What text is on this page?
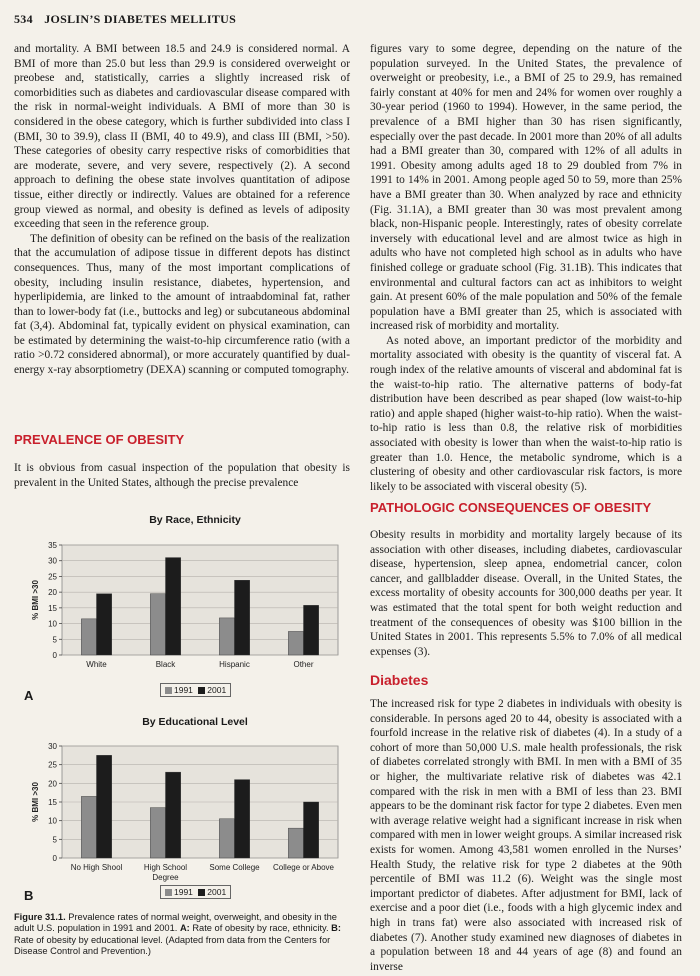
534 JOSLIN’S DIABETES MELLITUS

and mortality. A BMI between 18.5 and 24.9 is considered normal. A BMI of more than 25.0 but less than 29.9 is considered overweight or preobese and, statistically, carries a slightly increased risk of comorbidities such as diabetes and cardiovascular disease compared with the risk in normal-weight individuals. A BMI of more than 30 is considered in the obese category, which is further subdivided into class I (BMI, 30 to 39.9), class II (BMI, 40 to 49.9), and class III (BMI, >50). These categories of obesity carry respective risks of comorbidities that are moderate, severe, and very severe, respectively (2). A second approach to defining the obese state involves quantitation of adipose tissue, either directly or indirectly. Values are obtained for a reference group viewed as normal, and obesity is defined as levels of adiposity exceeding that seen in the reference group.

The definition of obesity can be refined on the basis of the realization that the accumulation of adipose tissue in different depots has distinct consequences. Thus, many of the most important complications of obesity, including insulin resistance, diabetes, hypertension, and hyperlipidemia, are linked to the amount of intraabdominal fat, rather than to lower-body fat (i.e., buttocks and leg) or subcutaneous abdominal fat (3,4). Abdominal fat, typically evident on physical examination, can be estimated by determining the waist-to-hip circumference ratio (with a ratio >0.72 considered abnormal), or more accurately quantified by dual-energy x-ray absorptiometry (DEXA) scanning or computed tomography.

PREVALENCE OF OBESITY

It is obvious from casual inspection of the population that obesity is prevalent in the United States, although the precise prevalence

By Race, Ethnicity
0
5
10
15
20
25
30
35
% BMI >30
White	Black	Hispanic	Other
1991 2001
A
By Educational Level
0
5
10
15
20
25
30
% BMI >30
No High Shool	High School
Degree
Some College College or Above
1991 2001
B
Figure 31.1. Prevalence rates of normal weight, overweight, and obesity in the adult U.S. population in 1991 and 2001. A: Rate of obesity by race, ethnicity. B: Rate of obesity by educational level. (Adapted from data from the Centers for Disease Control and Prevention.)

figures vary to some degree, depending on the nature of the population surveyed. In the United States, the prevalence of overweight or preobesity, i.e., a BMI of 25 to 29.9, has remained fairly constant at 40% for men and 24% for women over roughly a 30-year period (1960 to 1994). However, in the same period, the prevalence of a BMI higher than 30 has risen significantly, especially over the past decade. In 2001 more than 20% of all adults had a BMI greater than 30, compared with 12% of all adults in 1991. Obesity among adults aged 18 to 29 doubled from 7% in 1991 to 14% in 2001. Among people aged 50 to 59, more than 25% have a BMI greater than 30. When analyzed by race and ethnicity (Fig. 31.1A), a BMI greater than 30 was most prevalent among black, non-Hispanic people. Interestingly, rates of obesity correlate inversely with educational level and are almost twice as high in adults who have not completed high school as in adults who have finished college or graduate school (Fig. 31.1B). This indicates that environmental and cultural factors can act as inhibitors to weight gain. At present 60% of the male population and 50% of the female population have a BMI greater than 25, which is associated with increased risk of morbidity and mortality.

As noted above, an important predictor of the morbidity and mortality associated with obesity is the quantity of visceral fat. A rough index of the relative amounts of visceral and abdominal fat is the waist-to-hip ratio. The alternative patterns of body-fat distribution have been described as pear shaped (low waist-to-hip ratio) and apple shaped (higher waist-to-hip ratio). When the waist-to-hip ratio is less than 0.8, the relative risk of morbidities associated with obesity is lower than when the waist-to-hip ratio is greater than 1.0. Hence, the metabolic syndrome, which is a clustering of obesity and other cardiovascular risk factors, is more likely to be associated with visceral obesity (5).

PATHOLOGIC CONSEQUENCES OF OBESITY

Obesity results in morbidity and mortality largely because of its association with other diseases, including diabetes, cardiovascular disease, hypertension, sleep apnea, endometrial cancer, colon cancer, and gallbladder disease. Overall, in the United States, the excess mortality of obesity accounts for 300,000 deaths per year. It was estimated that the total spent for both weight reduction and treatment of the consequences of obesity was $100 billion in the United States in 2001. This represents 5.5% to 7.0% of all medical expenses (3).

Diabetes

The increased risk for type 2 diabetes in individuals with obesity is considerable. In persons aged 20 to 44, obesity is associated with a fourfold increase in the relative risk of diabetes (4). In a study of a cohort of more than 50,000 U.S. male health professionals, the risk of diabetes correlated strongly with BMI. In men with a BMI of 35 or higher, the multivariate relative risk of diabetes was 42.1 compared with the risk in men with a BMI of less than 23. BMI appears to be the dominant risk factor for type 2 diabetes. Even men with average relative weight had a significant increase in risk when compared with men in lower weight groups. A similar increased risk exists for women. Among 43,581 women enrolled in the Nurses’ Health Study, the relative risk for type 2 diabetes at the 90th percentile of BMI was 11.2 (6). Weight was the single most important predictor of diabetes. After adjustment for BMI, lack of exercise and a poor diet (i.e., foods with a high glycemic index and high in trans fat) were also associated with increased risk of diabetes (7). Another study examined new diagnoses of diabetes in a population between 18 and 44 years of age (8) and found an inverse
